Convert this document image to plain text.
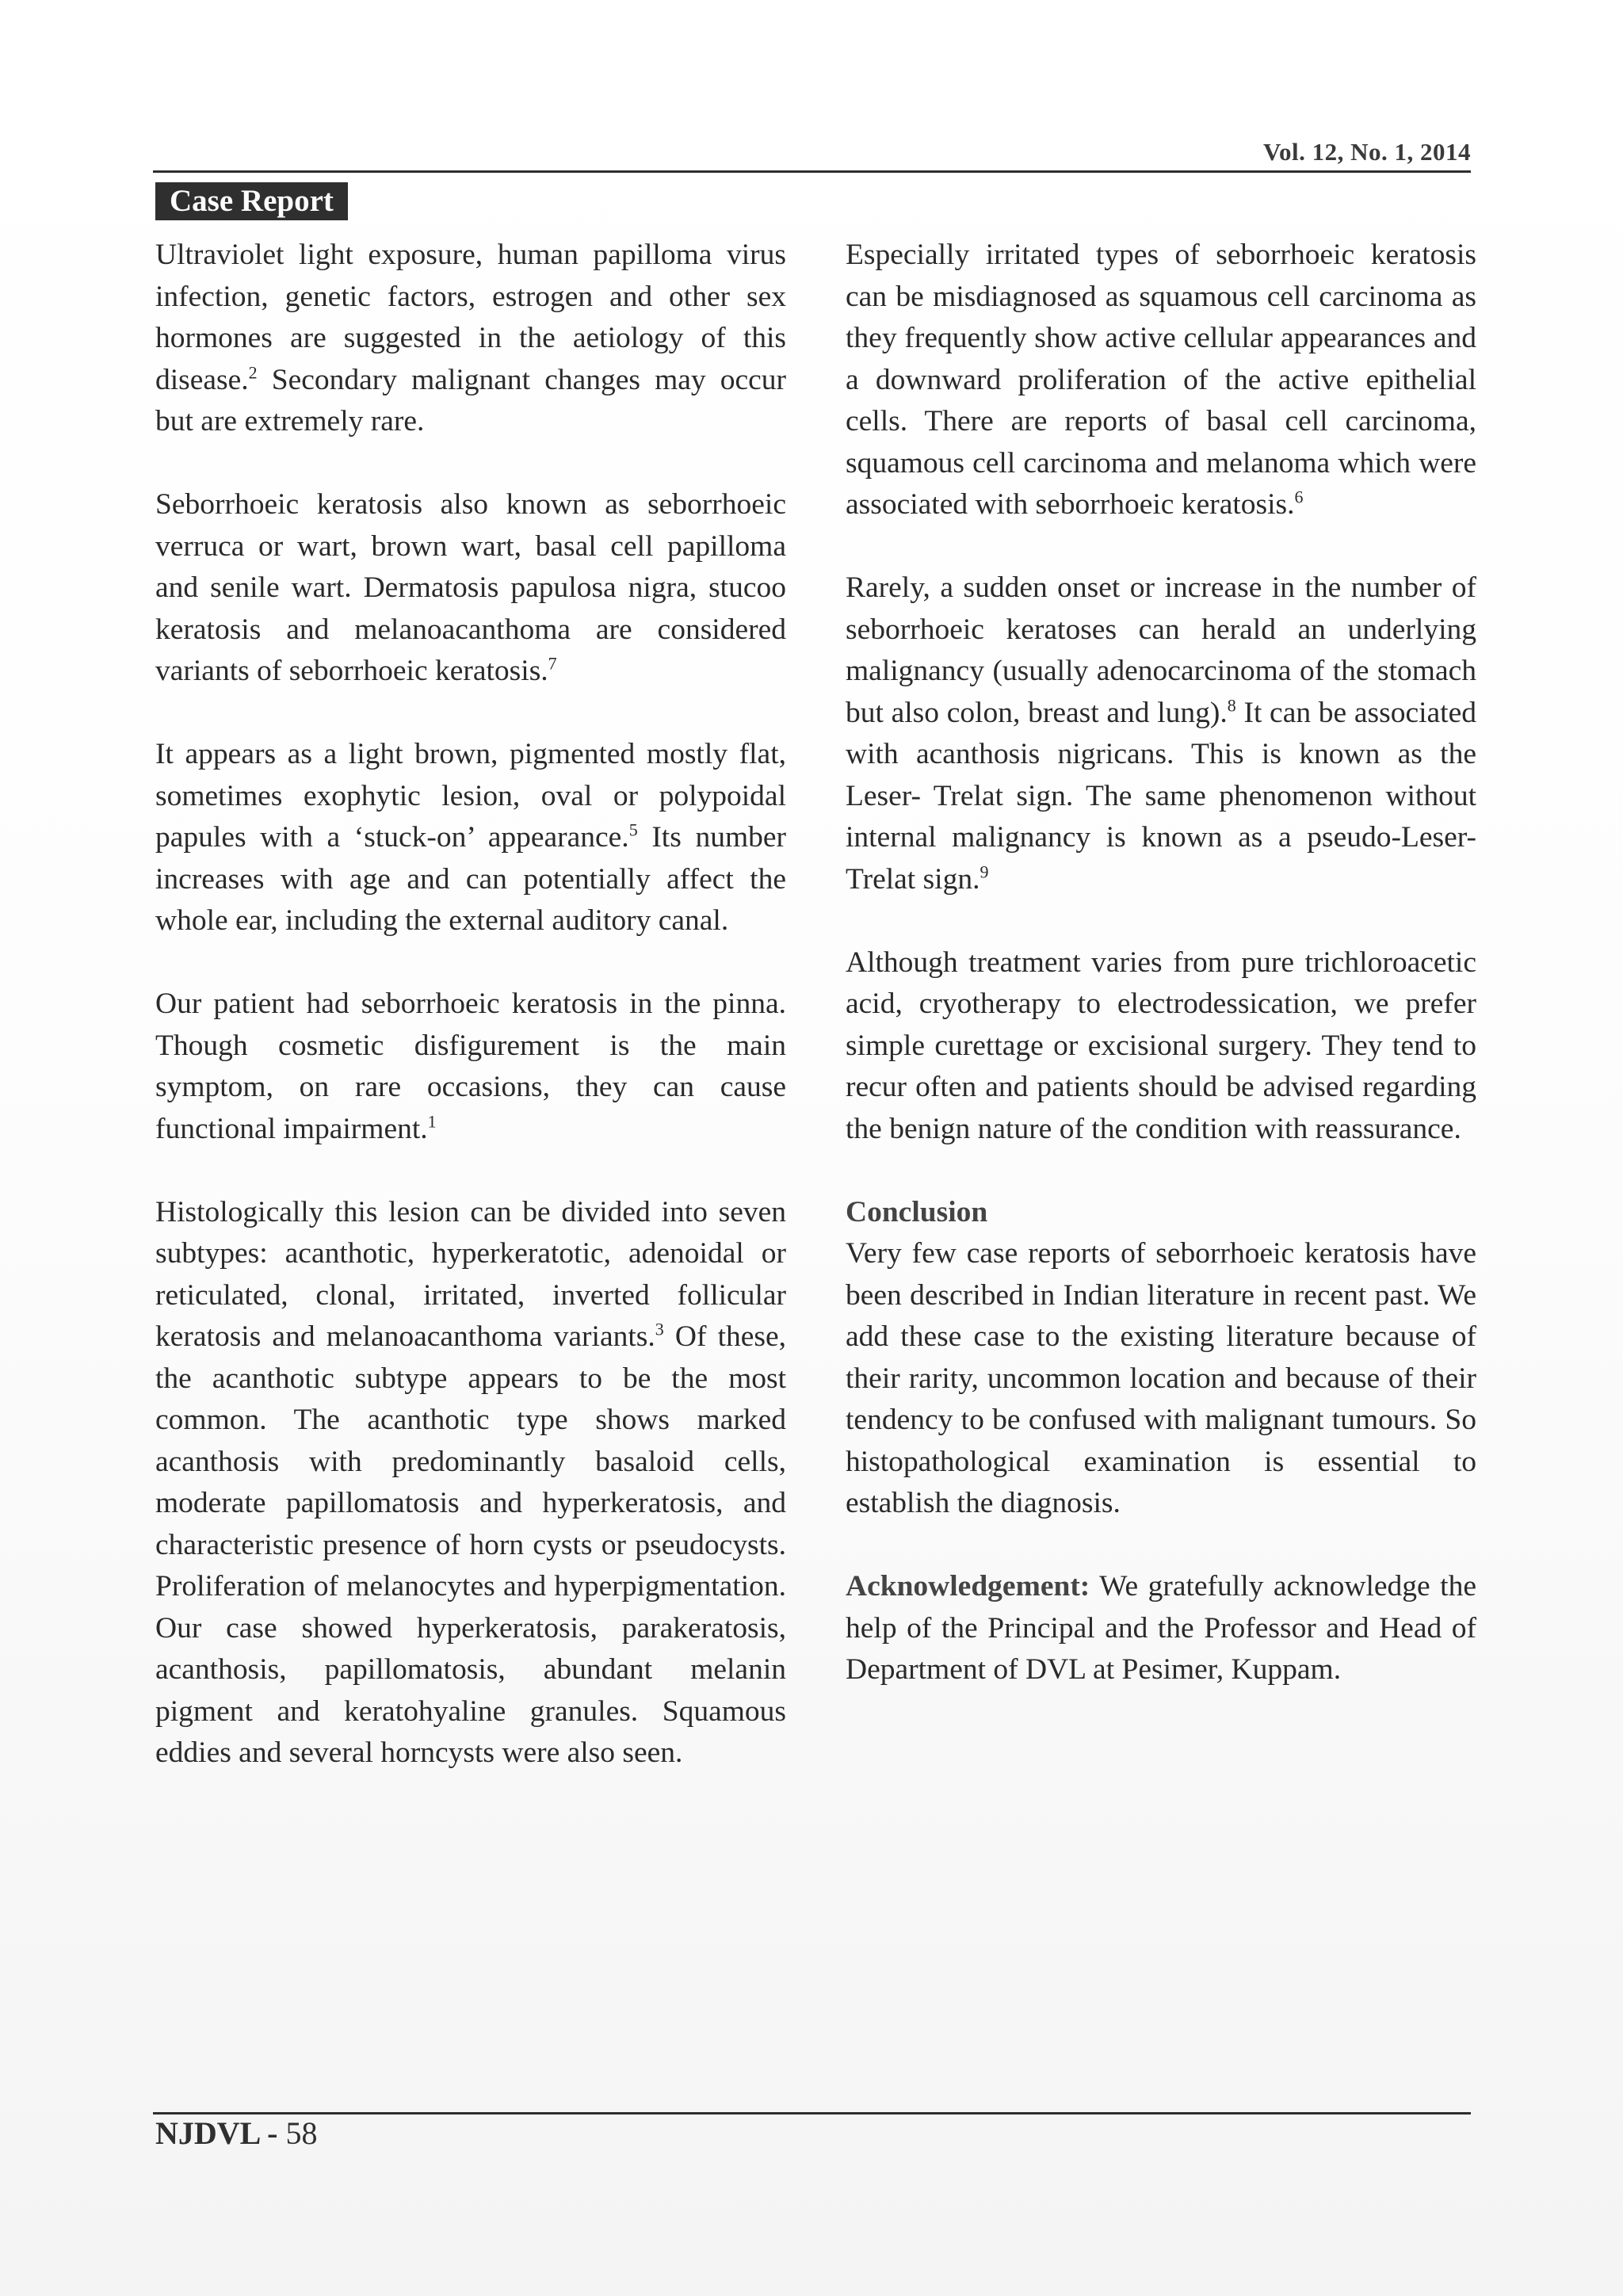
Vol. 12, No. 1, 2014
Case Report

Ultraviolet light exposure, human papilloma virus infection, genetic factors, estrogen and other sex hormones are suggested in the aetiology of this disease.$^2$ Secondary malignant changes may occur but are extremely rare.

Seborrhoeic keratosis also known as seborrhoeic verruca or wart, brown wart, basal cell papilloma and senile wart. Dermatosis papulosa nigra, stucoo keratosis and melanoacanthoma are considered variants of seborrhoeic keratosis.$^7$

It appears as a light brown, pigmented mostly flat, sometimes exophytic lesion, oval or polypoidal papules with a ‘stuck-on’ appearance.$^5$ Its number increases with age and can potentially affect the whole ear, including the external auditory canal.

Our patient had seborrhoeic keratosis in the pinna. Though cosmetic disfigurement is the main symptom, on rare occasions, they can cause functional impairment.$^1$

Histologically this lesion can be divided into seven subtypes: acanthotic, hyperkeratotic, adenoidal or reticulated, clonal, irritated, inverted follicular keratosis and melanoacanthoma variants.$^3$ Of these, the acanthotic subtype appears to be the most common. The acanthotic type shows marked acanthosis with predominantly basaloid cells, moderate papillomatosis and hyperkeratosis, and characteristic presence of horn cysts or pseudocysts. Proliferation of melanocytes and hyperpigmentation. Our case showed hyperkeratosis, parakeratosis, acanthosis, papillomatosis, abundant melanin pigment and keratohyaline granules. Squamous eddies and several horncysts were also seen.

Especially irritated types of seborrhoeic keratosis can be misdiagnosed as squamous cell carcinoma as they frequently show active cellular appearances and a downward proliferation of the active epithelial cells. There are reports of basal cell carcinoma, squamous cell carcinoma and melanoma which were associated with seborrhoeic keratosis.$^6$

Rarely, a sudden onset or increase in the number of seborrhoeic keratoses can herald an underlying malignancy (usually adenocarcinoma of the stomach but also colon, breast and lung).$^8$ It can be associated with acanthosis nigricans. This is known as the Leser- Trelat sign. The same phenomenon without internal malignancy is known as a pseudo-Leser-Trelat sign.$^9$

Although treatment varies from pure trichloroacetic acid, cryotherapy to electrodessication, we prefer simple curettage or excisional surgery. They tend to recur often and patients should be advised regarding the benign nature of the condition with reassurance.

Conclusion

Very few case reports of seborrhoeic keratosis have been described in Indian literature in recent past. We add these case to the existing literature because of their rarity, uncommon location and because of their tendency to be confused with malignant tumours. So histopathological examination is essential to establish the diagnosis.

Acknowledgement: We gratefully acknowledge the help of the Principal and the Professor and Head of Department of DVL at Pesimer, Kuppam.

NJDVL - 58
